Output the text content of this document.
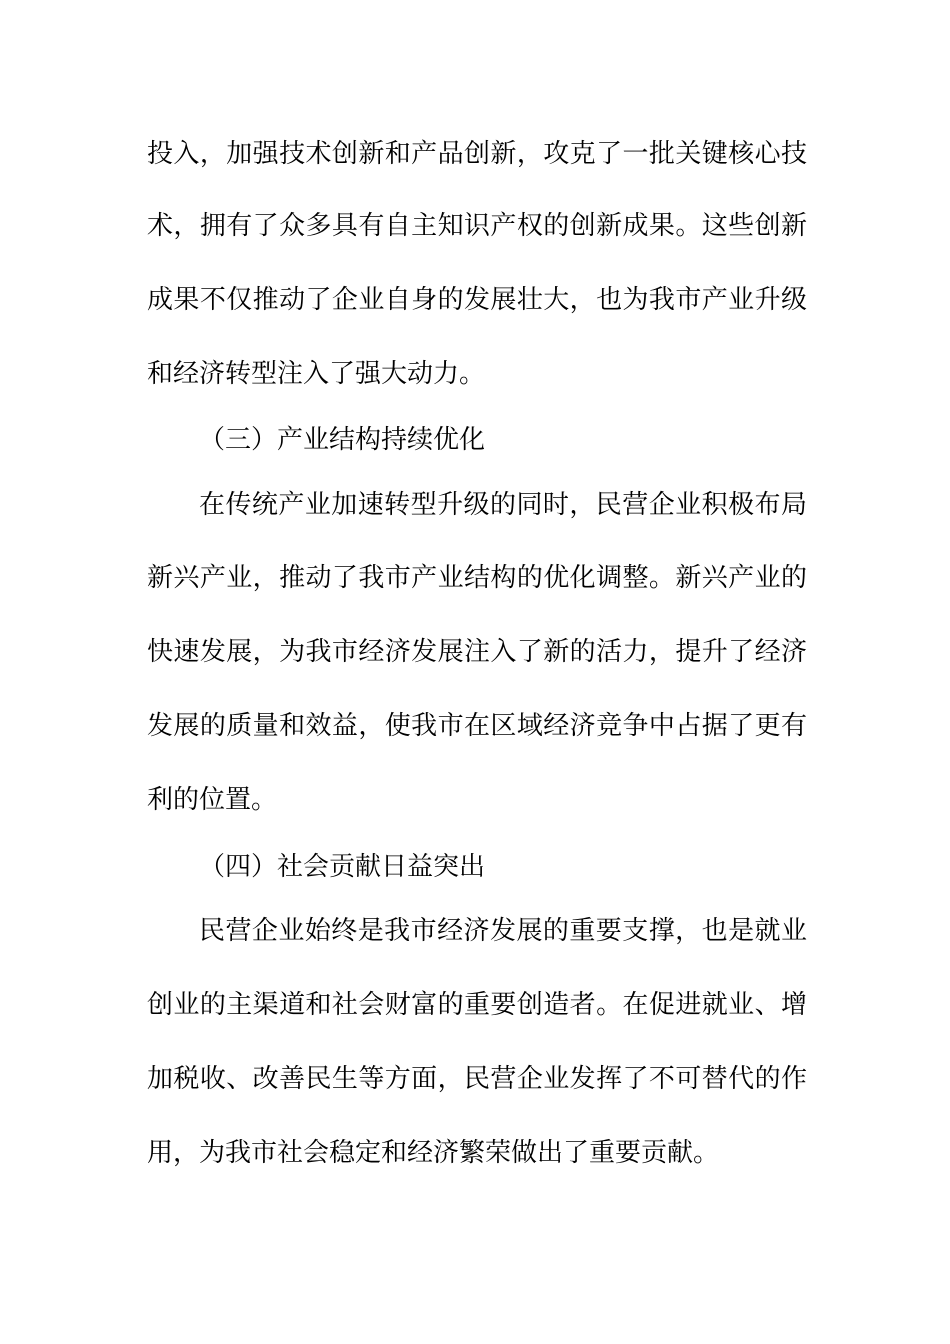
投入，加强技术创新和产品创新，攻克了一批关键核心技
术，拥有了众多具有自主知识产权的创新成果。这些创新
成果不仅推动了企业自身的发展壮大，也为我市产业升级
和经济转型注入了强大动力。
（三）产业结构持续优化
在传统产业加速转型升级的同时，民营企业积极布局
新兴产业，推动了我市产业结构的优化调整。新兴产业的
快速发展，为我市经济发展注入了新的活力，提升了经济
发展的质量和效益，使我市在区域经济竞争中占据了更有
利的位置。
（四）社会贡献日益突出
民营企业始终是我市经济发展的重要支撑，也是就业
创业的主渠道和社会财富的重要创造者。在促进就业、增
加税收、改善民生等方面，民营企业发挥了不可替代的作
用，为我市社会稳定和经济繁荣做出了重要贡献。
